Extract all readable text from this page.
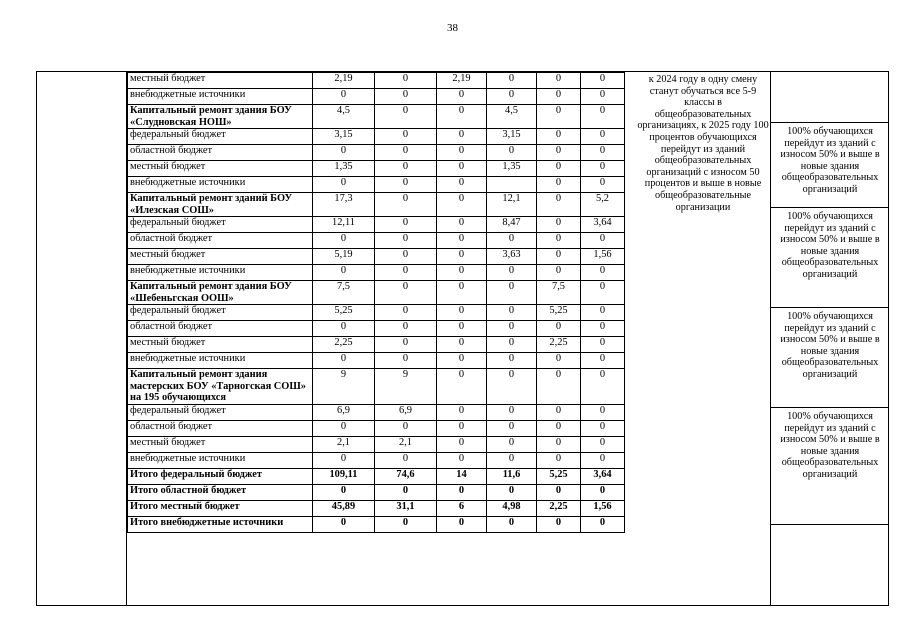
38
местный бюджет	2,19	0	2,19	0	0	0
внебюджетные источники	0	0	0	0	0	0
Капитальный ремонт здания БОУ «Слудновская НОШ»	4,5	0	0	4,5	0	0
федеральный бюджет	3,15	0	0	3,15	0	0
областной бюджет	0	0	0	0	0	0
местный бюджет	1,35	0	0	1,35	0	0
внебюджетные источники	0	0	0		0	0
Капитальный ремонт зданий БОУ «Илезская СОШ»	17,3	0	0	12,1	0	5,2
федеральный бюджет	12,11	0	0	8,47	0	3,64
областной бюджет	0	0	0	0	0	0
местный бюджет	5,19	0	0	3,63	0	1,56
внебюджетные источники	0	0	0	0	0	0
Капитальный ремонт здания БОУ «Шебеньгская ООШ»	7,5	0	0	0	7,5	0
федеральный бюджет	5,25	0	0	0	5,25	0
областной бюджет	0	0	0	0	0	0
местный бюджет	2,25	0	0	0	2,25	0
внебюджетные источники	0	0	0	0	0	0
Капитальный ремонт здания мастерских БОУ «Тарногская СОШ» на 195 обучающихся	9	9	0	0	0	0
федеральный бюджет	6,9	6,9	0	0	0	0
областной бюджет	0	0	0	0	0	0
местный бюджет	2,1	2,1	0	0	0	0
внебюджетные источники	0	0	0	0	0	0
Итого федеральный бюджет	109,11	74,6	14	11,6	5,25	3,64
Итого областной бюджет	0	0	0	0	0	0
Итого местный бюджет	45,89	31,1	6	4,98	2,25	1,56
Итого внебюджетные источники	0	0	0	0	0	0
к 2024 году в одну смену станут обучаться все 5-9 классы в общеобразовательных организациях, к 2025 году 100 процентов обучающихся перейдут из зданий общеобразовательных организаций с износом 50 процентов и выше в новые общеобразовательные организации
100% обучающихся перейдут из зданий с износом 50% и выше в новые здания общеобразовательных организаций
100% обучающихся перейдут из зданий с износом 50% и выше в новые здания общеобразовательных организаций
100% обучающихся перейдут из зданий с износом 50% и выше в новые здания общеобразовательных организаций
100% обучающихся перейдут из зданий с износом 50% и выше в новые здания общеобразовательных организаций
